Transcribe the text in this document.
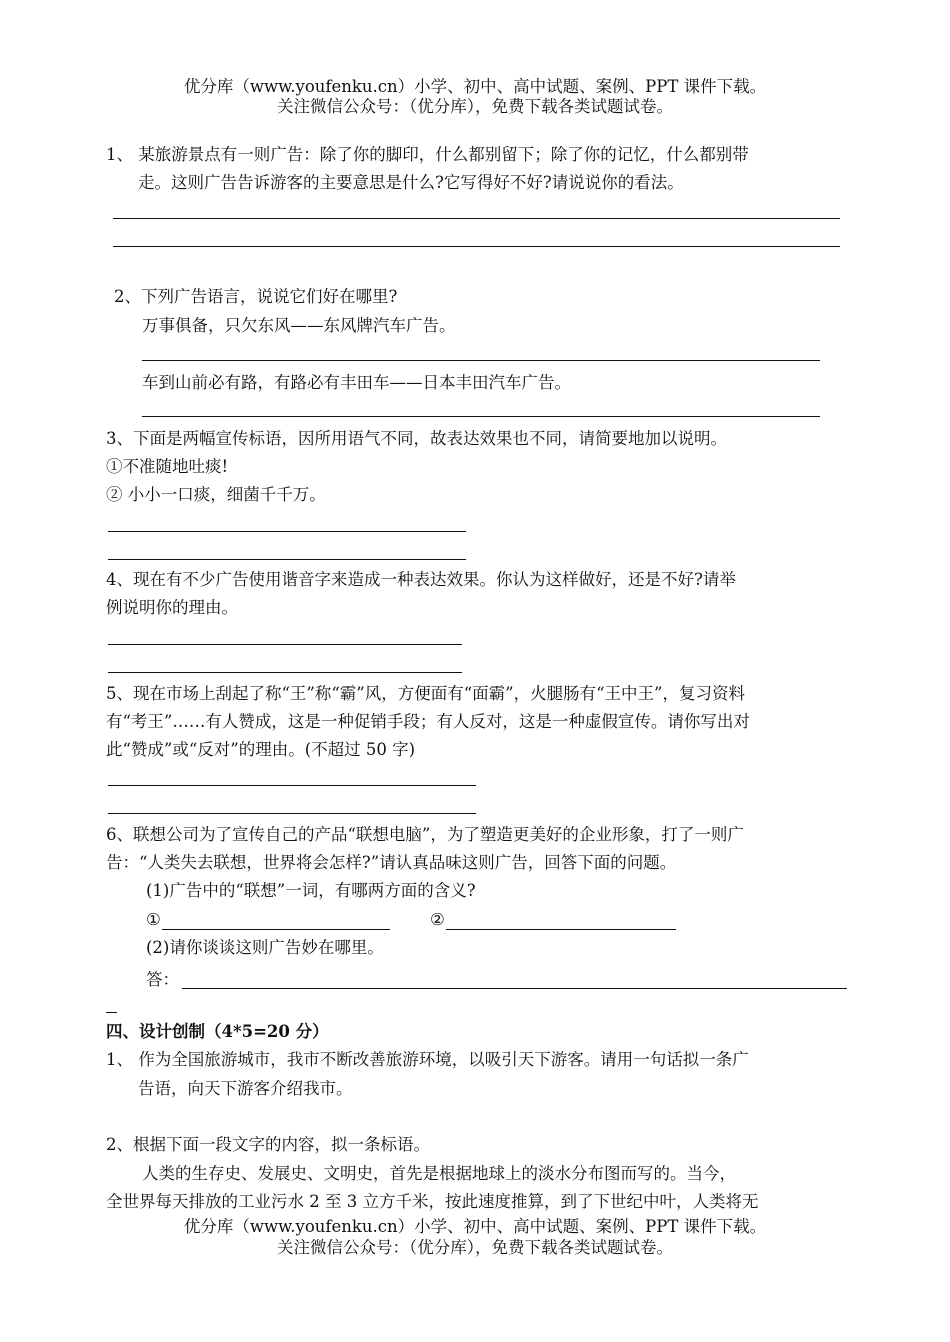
优分库（www.youfenku.cn）小学、初中、高中试题、案例、PPT 课件下载。
关注微信公众号：（优分库），免费下载各类试题试卷。
1、 某旅游景点有一则广告：除了你的脚印，什么都别留下；除了你的记忆，什么都别带
走。这则广告告诉游客的主要意思是什么?它写得好不好?请说说你的看法。
2、下列广告语言，说说它们好在哪里?
万事俱备，只欠东风——东风牌汽车广告。
车到山前必有路，有路必有丰田车——日本丰田汽车广告。
3、下面是两幅宣传标语，因所用语气不同，故表达效果也不同，请简要地加以说明。
①不准随地吐痰!
② 小小一口痰，细菌千千万。
4、现在有不少广告使用谐音字来造成一种表达效果。你认为这样做好，还是不好?请举
例说明你的理由。
5、现在市场上刮起了称“王”称“霸”风，方便面有“面霸”，火腿肠有“王中王”，复习资料
有“考王”……有人赞成，这是一种促销手段；有人反对，这是一种虚假宣传。请你写出对
此“赞成”或“反对”的理由。(不超过 50 字)
6、联想公司为了宣传自己的产品“联想电脑”，为了塑造更美好的企业形象，打了一则广
告：“人类失去联想，世界将会怎样?”请认真品味这则广告，回答下面的问题。
(1)广告中的“联想”一词，有哪两方面的含义?
①	②
(2)请你谈谈这则广告妙在哪里。
答：
四、设计创制（4*5=20 分）
1、 作为全国旅游城市，我市不断改善旅游环境，以吸引天下游客。请用一句话拟一条广
告语，向天下游客介绍我市。
2、根据下面一段文字的内容，拟一条标语。
人类的生存史、发展史、文明史，首先是根据地球上的淡水分布图而写的。当今，
全世界每天排放的工业污水 2 至 3 立方千米，按此速度推算，到了下世纪中叶，人类将无
优分库（www.youfenku.cn）小学、初中、高中试题、案例、PPT 课件下载。
关注微信公众号：（优分库），免费下载各类试题试卷。
